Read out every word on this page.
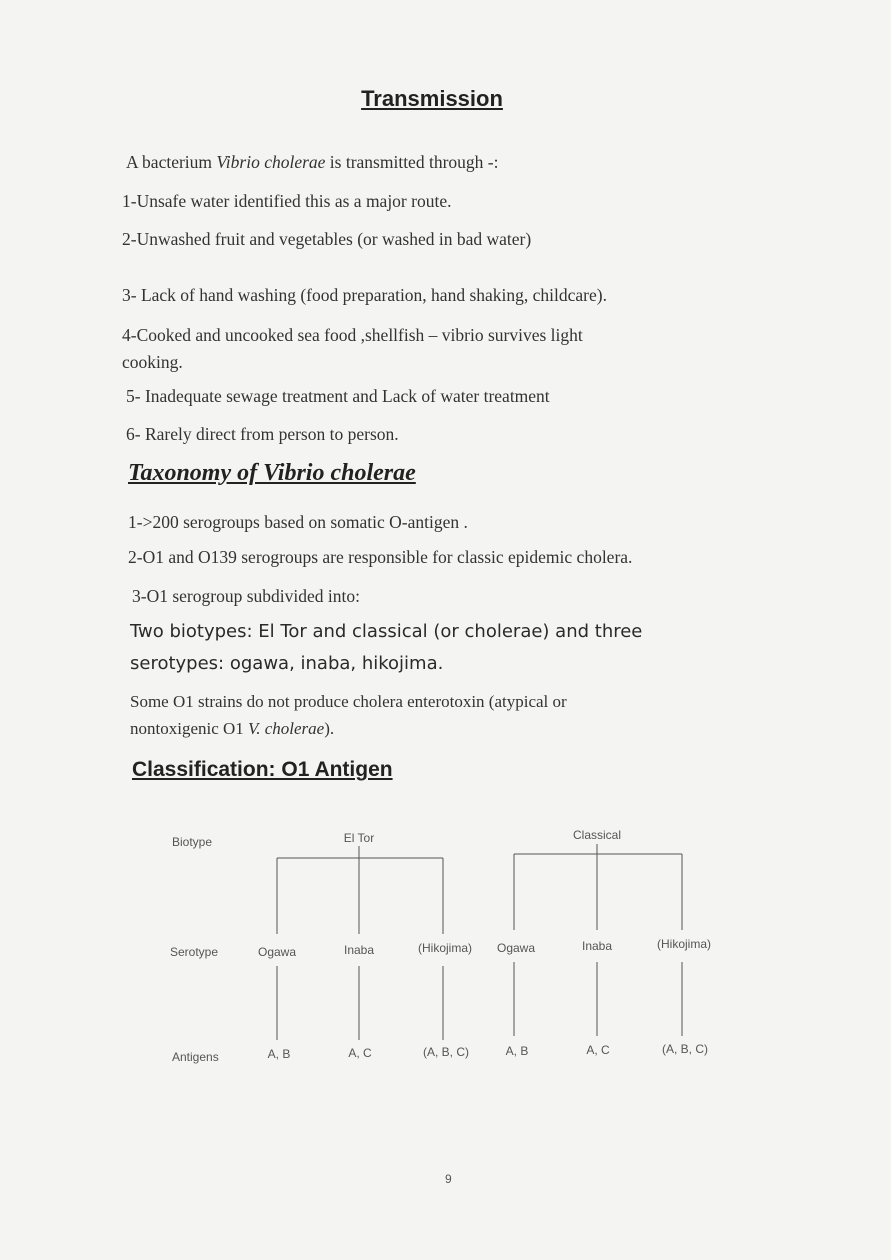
Transmission
A bacterium Vibrio cholerae is transmitted through -:
1-Unsafe water identified this as a major route.
2-Unwashed fruit and vegetables (or washed in bad water)
3- Lack of hand washing (food preparation, hand shaking, childcare).
4-Cooked and uncooked sea food ,shellfish – vibrio survives light
cooking.
5- Inadequate sewage treatment and Lack of water treatment
6- Rarely direct from person to person.
Taxonomy of Vibrio cholerae
1->200 serogroups based on somatic O-antigen .
2-O1 and O139 serogroups are responsible for classic epidemic cholera.
3-O1 serogroup subdivided into:
Two biotypes: El Tor and classical (or cholerae) and three
serotypes: ogawa, inaba, hikojima.
Some O1 strains do not produce cholera enterotoxin (atypical or
nontoxigenic O1 V. cholerae).
Classification: O1 Antigen
Biotype
Serotype
Antigens
El Tor	Classical
Ogawa	Inaba	(Hikojima) Ogawa	Inaba	(Hikojima)
A, B	A, C	(A, B, C)	A, B	A, C	(A, B, C)
9
